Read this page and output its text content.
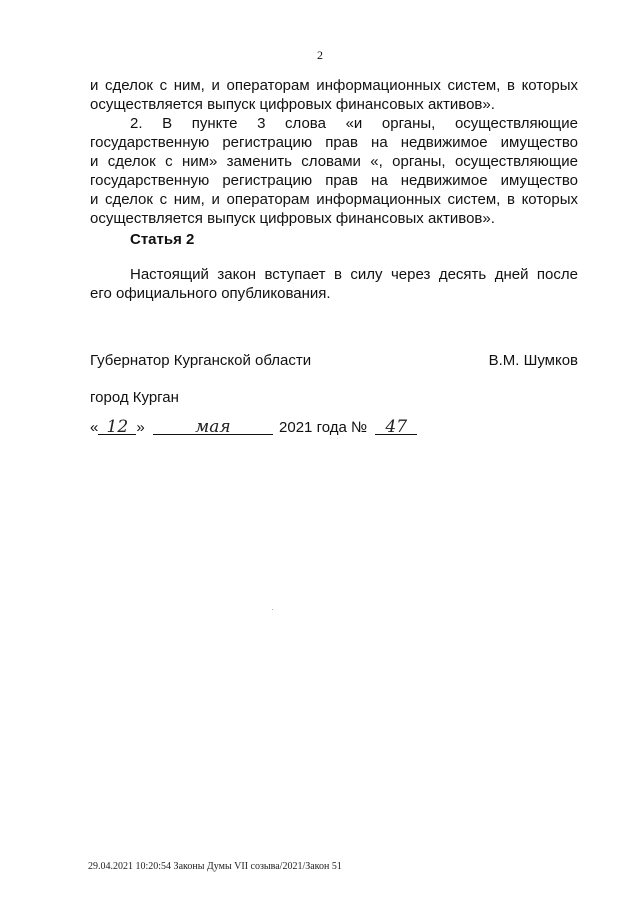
2
и сделок с ним, и операторам информационных систем, в которых
осуществляется выпуск цифровых финансовых активов».
2. В пункте 3 слова «и органы, осуществляющие
государственную регистрацию прав на недвижимое имущество
и сделок с ним» заменить словами «, органы, осуществляющие
государственную регистрацию прав на недвижимое имущество
и сделок с ним, и операторам информационных систем, в которых
осуществляется выпуск цифровых финансовых активов».
Статья 2
Настоящий закон вступает в силу через десять дней после
его официального опубликования.
Губернатор Курганской области	В.М. Шумков
город Курган
« 12 »	мая	2021 года № 47
29.04.2021 10:20:54 Законы Думы VII созыва/2021/Закон 51
